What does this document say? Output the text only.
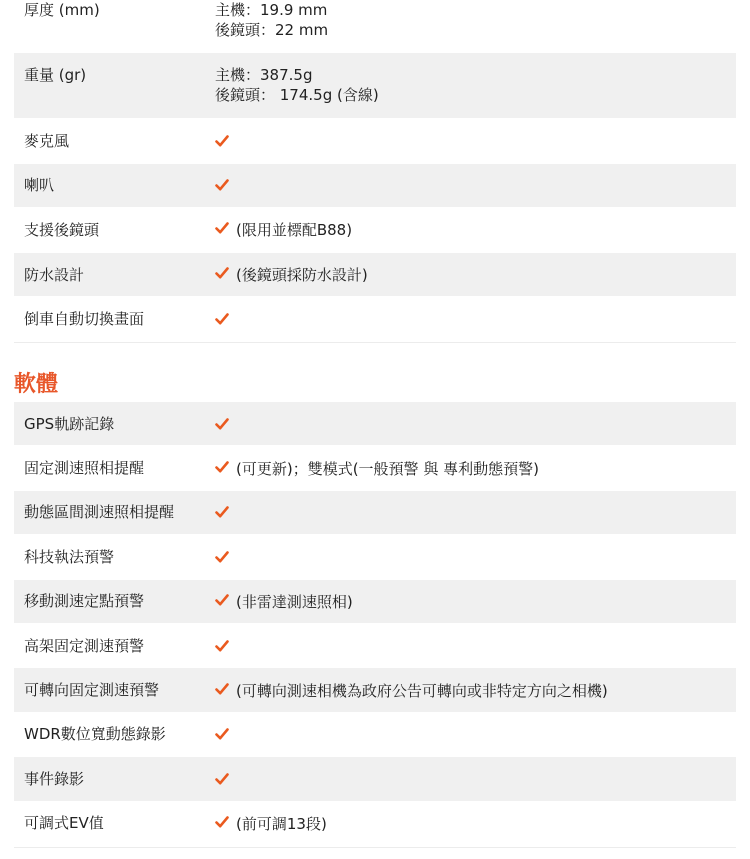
厚度 (mm)	主機：19.9 mm
後鏡頭：22 mm
重量 (gr)	主機：387.5g
後鏡頭： 174.5g (含線)
麥克風
喇叭
支援後鏡頭	(限用並標配B88)
防水設計	(後鏡頭採防水設計)
倒車自動切換畫面
軟體
GPS軌跡記錄
固定測速照相提醒	(可更新)；雙模式(一般預警 與 專利動態預警)
動態區間測速照相提醒
科技執法預警
移動測速定點預警	(非雷達測速照相)
高架固定測速預警
可轉向固定測速預警	(可轉向測速相機為政府公告可轉向或非特定方向之相機)
WDR數位寬動態錄影
事件錄影
可調式EV值	(前可調13段)
